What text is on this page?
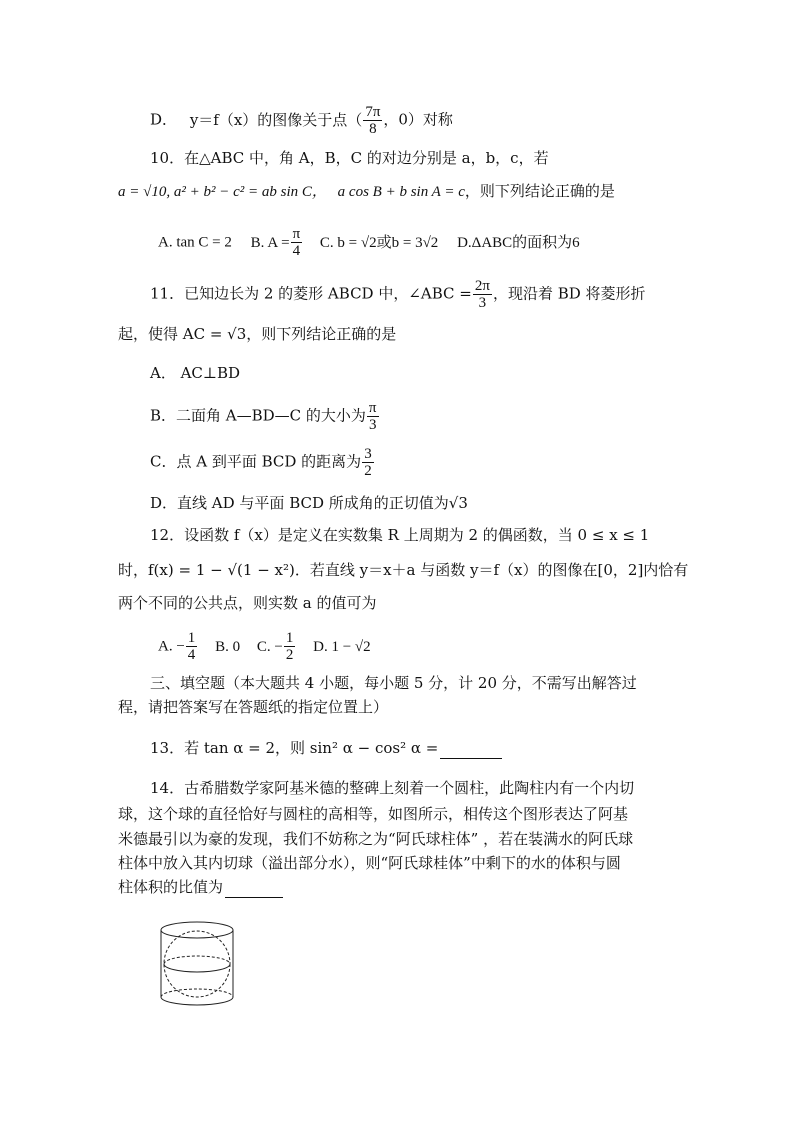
D． y＝f（x）的图像关于点（ $\frac{7\pi}{8}$ ，0）对称
10．在△ABC 中，角 A，B，C 的对边分别是 a，b，c，若
a = √10, a² + b² − c² = ab sin C， a cos B + b sin A = c，则下列结论正确的是
A. tan C = 2 B. $A = \frac{\pi}{4} C$. b = √2或b = 3√2 D.ΔABC的面积为6
11．已知边长为 2 的菱形 ABCD 中，∠ABC = $\frac{2\pi}{3}$ ，现沿着 BD 将菱形折
起，使得 AC = √3，则下列结论正确的是
A． AC⊥BD
B．二面角 A—BD—C 的大小为 $\frac{\pi}{3}$
C．点 A 到平面 BCD 的距离为 $\frac{3}{2}$
D．直线 AD 与平面 BCD 所成角的正切值为√3
12．设函数 f（x）是定义在实数集 R 上周期为 2 的偶函数，当 0 ≤ x ≤ 1
时，f(x) = 1 − √(1 − x²)．若直线 y＝x＋a 与函数 y＝f（x）的图像在[0，2]内恰有
两个不同的公共点，则实数 a 的值可为
A. − $\frac{1}{4} B$. 0 C. − $\frac{1}{2} D$. 1 − √2
三、填空题（本大题共 4 小题，每小题 5 分，计 20 分，不需写出解答过
程，请把答案写在答题纸的指定位置上）
13．若 tan α = 2，则 sin² α − cos² α =
14．古希腊数学家阿基米德的整碑上刻着一个圆柱，此陶柱内有一个内切
球，这个球的直径恰好与圆柱的高相等，如图所示，相传这个图形表达了阿基
米德最引以为豪的发现，我们不妨称之为“阿氏球柱体” ，若在装满水的阿氏球
柱体中放入其内切球（溢出部分水），则“阿氏球桂体”中剩下的水的体积与圆
柱体积的比值为
